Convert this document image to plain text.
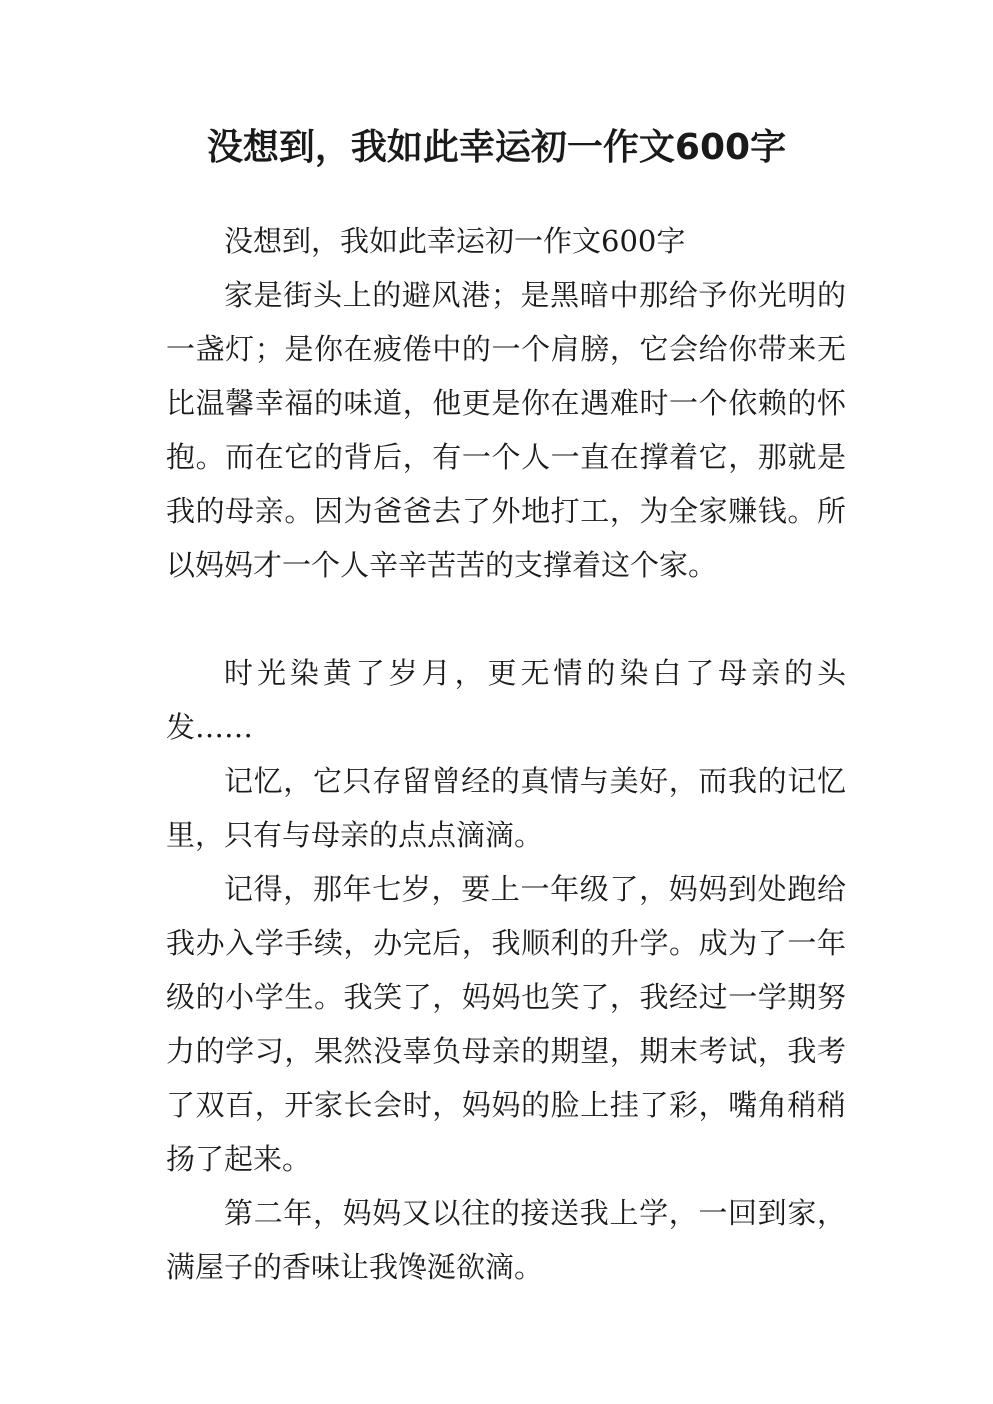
没想到，我如此幸运初一作文600字

没想到，我如此幸运初一作文600字

家是街头上的避风港；是黑暗中那给予你光明的一盏灯；是你在疲倦中的一个肩膀，它会给你带来无比温馨幸福的味道，他更是你在遇难时一个依赖的怀抱。而在它的背后，有一个人一直在撑着它，那就是我的母亲。因为爸爸去了外地打工，为全家赚钱。所以妈妈才一个人辛辛苦苦的支撑着这个家。

时光染黄了岁月，更无情的染白了母亲的头发……

记忆，它只存留曾经的真情与美好，而我的记忆里，只有与母亲的点点滴滴。

记得，那年七岁，要上一年级了，妈妈到处跑给我办入学手续，办完后，我顺利的升学。成为了一年级的小学生。我笑了，妈妈也笑了，我经过一学期努力的学习，果然没辜负母亲的期望，期末考试，我考了双百，开家长会时，妈妈的脸上挂了彩，嘴角稍稍扬了起来。

第二年，妈妈又以往的接送我上学，一回到家，满屋子的香味让我馋涎欲滴。
